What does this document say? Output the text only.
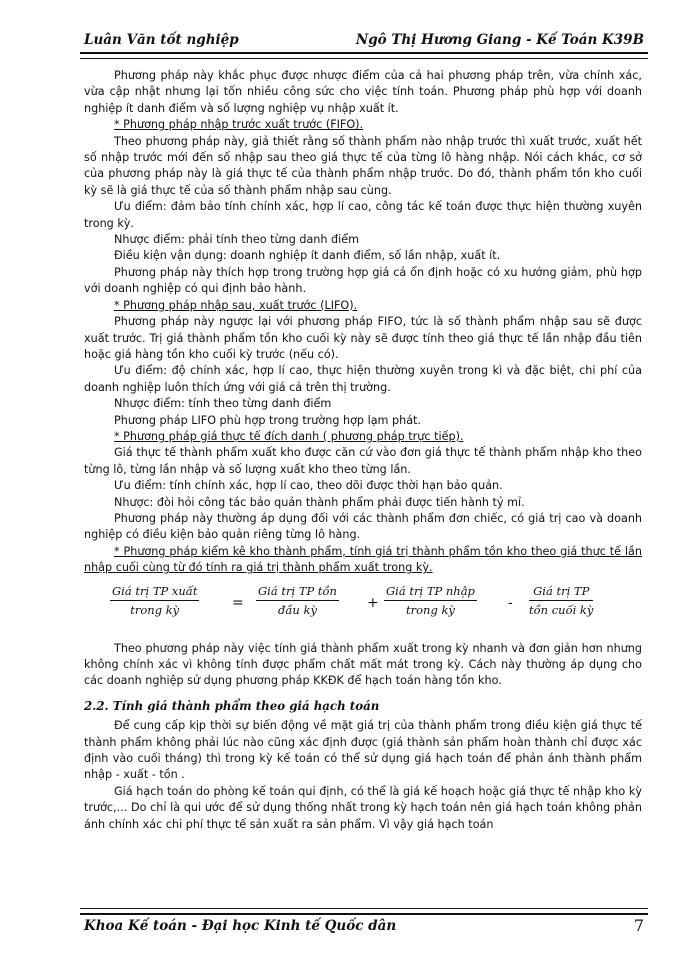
Luân Văn tốt nghiệp	Ngô Thị Hương Giang - Kế Toán K39B

Phương pháp này khắc phục được nhược điểm của cả hai phương pháp trên, vừa chính xác, vừa cập nhật nhưng lại tốn nhiều công sức cho việc tính toán. Phương pháp phù hợp với doanh nghiệp ít danh điểm và số lượng nghiệp vụ nhập xuất ít.

* Phương pháp nhập trước xuất trước (FIFO).

Theo phương pháp này, giả thiết rằng số thành phẩm nào nhập trước thì xuất trước, xuất hết số nhập trước mới đến số nhập sau theo giá thực tế của từng lô hàng nhập. Nói cách khác, cơ sở của phương pháp này là giá thực tế của thành phẩm nhập trước. Do đó, thành phẩm tồn kho cuối kỳ sẽ là giá thực tế của số thành phẩm nhập sau cùng.

Ưu điểm: đảm bảo tính chính xác, hợp lí cao, công tác kế toán được thực hiện thường xuyên trong kỳ.

Nhược điểm: phải tính theo từng danh điểm

Điều kiện vận dụng: doanh nghiệp ít danh điểm, số lần nhập, xuất ít.

Phương pháp này thích hợp trong trường hợp giá cả ổn định hoặc có xu hướng giảm, phù hợp với doanh nghiệp có qui định bảo hành.

* Phương pháp nhập sau, xuất trước (LIFO).

Phương pháp này ngược lại với phương pháp FIFO, tức là số thành phẩm nhập sau sẽ được xuất trước. Trị giá thành phẩm tồn kho cuối kỳ này sẽ được tính theo giá thực tế lần nhập đầu tiên hoặc giá hàng tồn kho cuối kỳ trước (nếu có).

Ưu điểm: độ chính xác, hợp lí cao, thực hiện thường xuyên trong kì và đặc biệt, chi phí của doanh nghiệp luôn thích ứng với giá cả trên thị trường.

Nhược điểm: tính theo từng danh điểm

Phương pháp LIFO phù hợp trong trường hợp lạm phát.

* Phương pháp giá thực tế đích danh ( phương pháp trực tiếp).

Giá thực tế thành phẩm xuất kho được căn cứ vào đơn giá thực tế thành phẩm nhập kho theo từng lô, từng lần nhập và số lượng xuất kho theo từng lần.

Ưu điểm: tính chính xác, hợp lí cao, theo dõi được thời hạn bảo quản.

Nhược: đòi hỏi công tác bảo quản thành phẩm phải được tiến hành tỷ mỉ.

Phương pháp này thường áp dụng đối với các thành phẩm đơn chiếc, có giá trị cao và doanh nghiệp có điều kiện bảo quản riêng từng lô hàng.

* Phương pháp kiểm kê kho thành phẩm, tính giá trị thành phẩm tồn kho theo giá thực tế lần nhập cuối cùng từ đó tính ra giá trị thành phẩm xuất trong kỳ.

Giá trị TP xuất
trong kỳ	=
Giá trị TP tồn
đầu kỳ	+
Giá trị TP nhập
trong kỳ	-
Giá trị TP
tồn cuối kỳ

Theo phương pháp này việc tính giá thành phẩm xuất trong kỳ nhanh và đơn giản hơn nhưng không chính xác vì không tính được phẩm chất mất mát trong kỳ. Cách này thường áp dụng cho các doanh nghiệp sử dụng phương pháp KKĐK để hạch toán hàng tồn kho.

2.2. Tính giá thành phẩm theo giá hạch toán

Để cung cấp kịp thời sự biến động về mặt giá trị của thành phẩm trong điều kiện giá thực tế thành phẩm không phải lúc nào cũng xác định được (giá thành sản phẩm hoàn thành chỉ được xác định vào cuối tháng) thì trong kỳ kế toán có thể sử dụng giá hạch toán để phản ánh thành phẩm nhập - xuất - tồn .

Giá hạch toán do phòng kế toán qui định, có thể là giá kế hoạch hoặc giá thực tế nhập kho kỳ trước,... Do chỉ là qui ước để sử dụng thống nhất trong kỳ hạch toán nên giá hạch toán không phản ánh chính xác chi phí thực tế sản xuất ra sản phẩm. Vì vậy giá hạch toán

Khoa Kế toán - Đại học Kinh tế Quốc dân	7
